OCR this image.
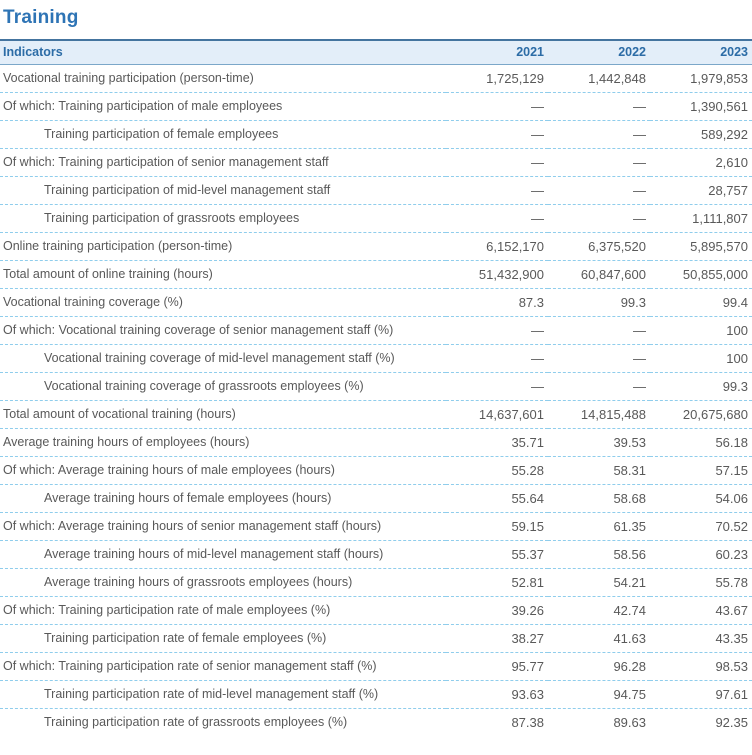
Training
Indicators	2021	2022	2023
Vocational training participation (person-time)	1,725,129	1,442,848	1,979,853
Of which: Training participation of male employees	—	—	1,390,561
Training participation of female employees	—	—	589,292
Of which: Training participation of senior management staff	—	—	2,610
Training participation of mid-level management staff	—	—	28,757
Training participation of grassroots employees	—	—	1,111,807
Online training participation (person-time)	6,152,170	6,375,520	5,895,570
Total amount of online training (hours)	51,432,900	60,847,600	50,855,000
Vocational training coverage (%)	87.3	99.3	99.4
Of which: Vocational training coverage of senior management staff (%)	—	—	100
Vocational training coverage of mid-level management staff (%)	—	—	100
Vocational training coverage of grassroots employees (%)	—	—	99.3
Total amount of vocational training (hours)	14,637,601	14,815,488	20,675,680
Average training hours of employees (hours)	35.71	39.53	56.18
Of which: Average training hours of male employees (hours)	55.28	58.31	57.15
Average training hours of female employees (hours)	55.64	58.68	54.06
Of which: Average training hours of senior management staff (hours)	59.15	61.35	70.52
Average training hours of mid-level management staff (hours)	55.37	58.56	60.23
Average training hours of grassroots employees (hours)	52.81	54.21	55.78
Of which: Training participation rate of male employees (%)	39.26	42.74	43.67
Training participation rate of female employees (%)	38.27	41.63	43.35
Of which: Training participation rate of senior management staff (%)	95.77	96.28	98.53
Training participation rate of mid-level management staff (%)	93.63	94.75	97.61
Training participation rate of grassroots employees (%)	87.38	89.63	92.35
